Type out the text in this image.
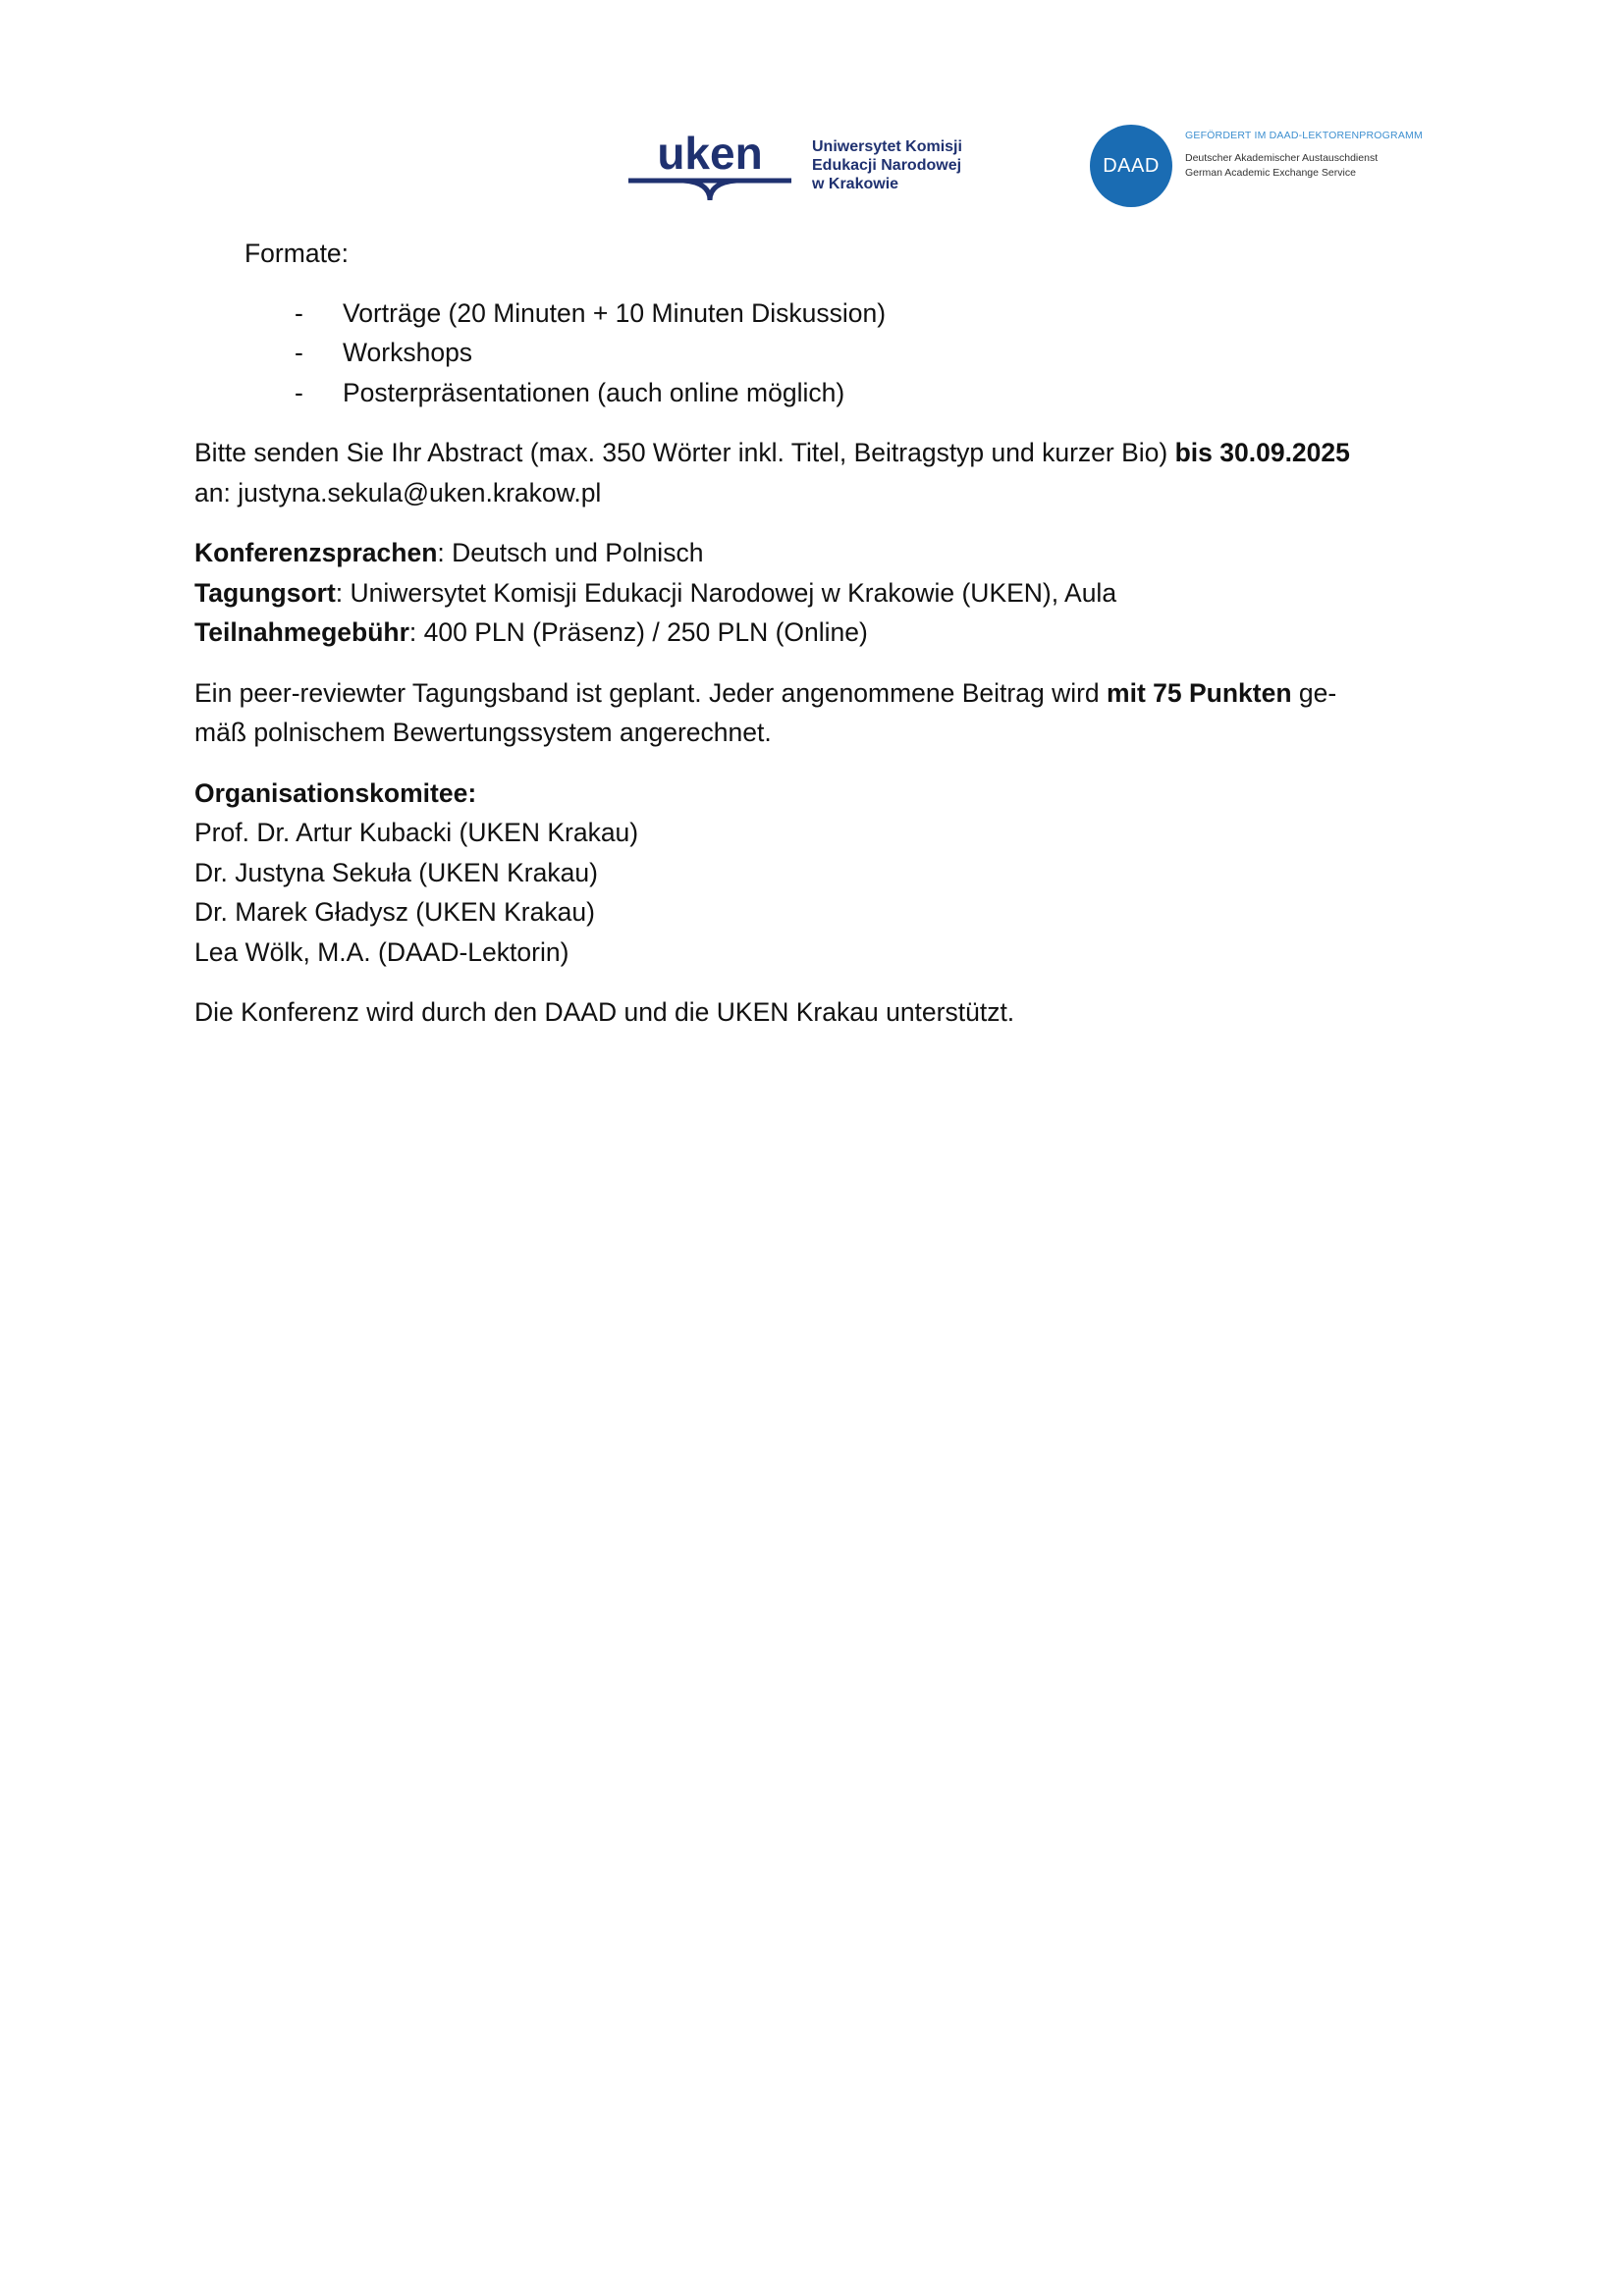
uken	Uniwersytet Komisji
Edukacji Narodowej
w Krakowie
DAAD
GEFÖRDERT IM DAAD-LEKTORENPROGRAMM
Deutscher Akademischer Austauschdienst
German Academic Exchange Service

Formate:

- Vorträge (20 Minuten + 10 Minuten Diskussion)
- Workshops
- Posterpräsentationen (auch online möglich)

Bitte senden Sie Ihr Abstract (max. 350 Wörter inkl. Titel, Beitragstyp und kurzer Bio) bis 30.09.2025
an: justyna.sekula@uken.krakow.pl

Konferenzsprachen: Deutsch und Polnisch
Tagungsort: Uniwersytet Komisji Edukacji Narodowej w Krakowie (UKEN), Aula
Teilnahmegebühr: 400 PLN (Präsenz) / 250 PLN (Online)

Ein peer-reviewter Tagungsband ist geplant. Jeder angenommene Beitrag wird mit 75 Punkten ge-
mäß polnischem Bewertungssystem angerechnet.

Organisationskomitee:
Prof. Dr. Artur Kubacki (UKEN Krakau)
Dr. Justyna Sekuła (UKEN Krakau)
Dr. Marek Gładysz (UKEN Krakau)
Lea Wölk, M.A. (DAAD-Lektorin)

Die Konferenz wird durch den DAAD und die UKEN Krakau unterstützt.
